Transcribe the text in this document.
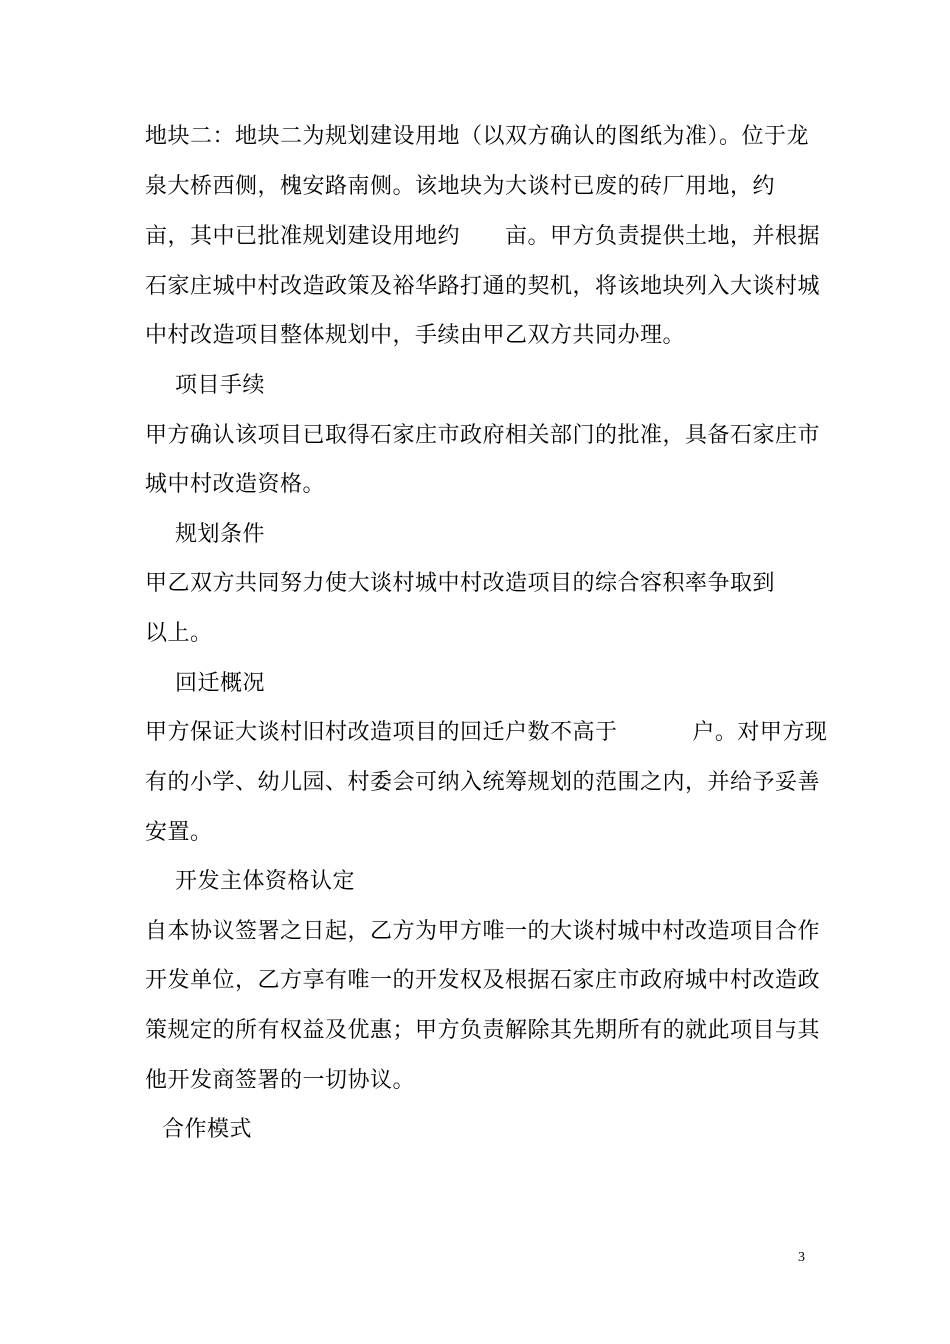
地块二：地块二为规划建设用地（以双方确认的图纸为准）。位于龙
泉大桥西侧，槐安路南侧。该地块为大谈村已废的砖厂用地，约
亩，其中已批准规划建设用地约      亩。甲方负责提供土地，并根据
石家庄城中村改造政策及裕华路打通的契机，将该地块列入大谈村城
中村改造项目整体规划中，手续由甲乙双方共同办理。
项目手续
甲方确认该项目已取得石家庄市政府相关部门的批准，具备石家庄市
城中村改造资格。
规划条件
甲乙双方共同努力使大谈村城中村改造项目的综合容积率争取到
以上。
回迁概况
甲方保证大谈村旧村改造项目的回迁户数不高于          户。对甲方现
有的小学、幼儿园、村委会可纳入统筹规划的范围之内，并给予妥善
安置。
开发主体资格认定
自本协议签署之日起，乙方为甲方唯一的大谈村城中村改造项目合作
开发单位，乙方享有唯一的开发权及根据石家庄市政府城中村改造政
策规定的所有权益及优惠；甲方负责解除其先期所有的就此项目与其
他开发商签署的一切协议。
合作模式
3
